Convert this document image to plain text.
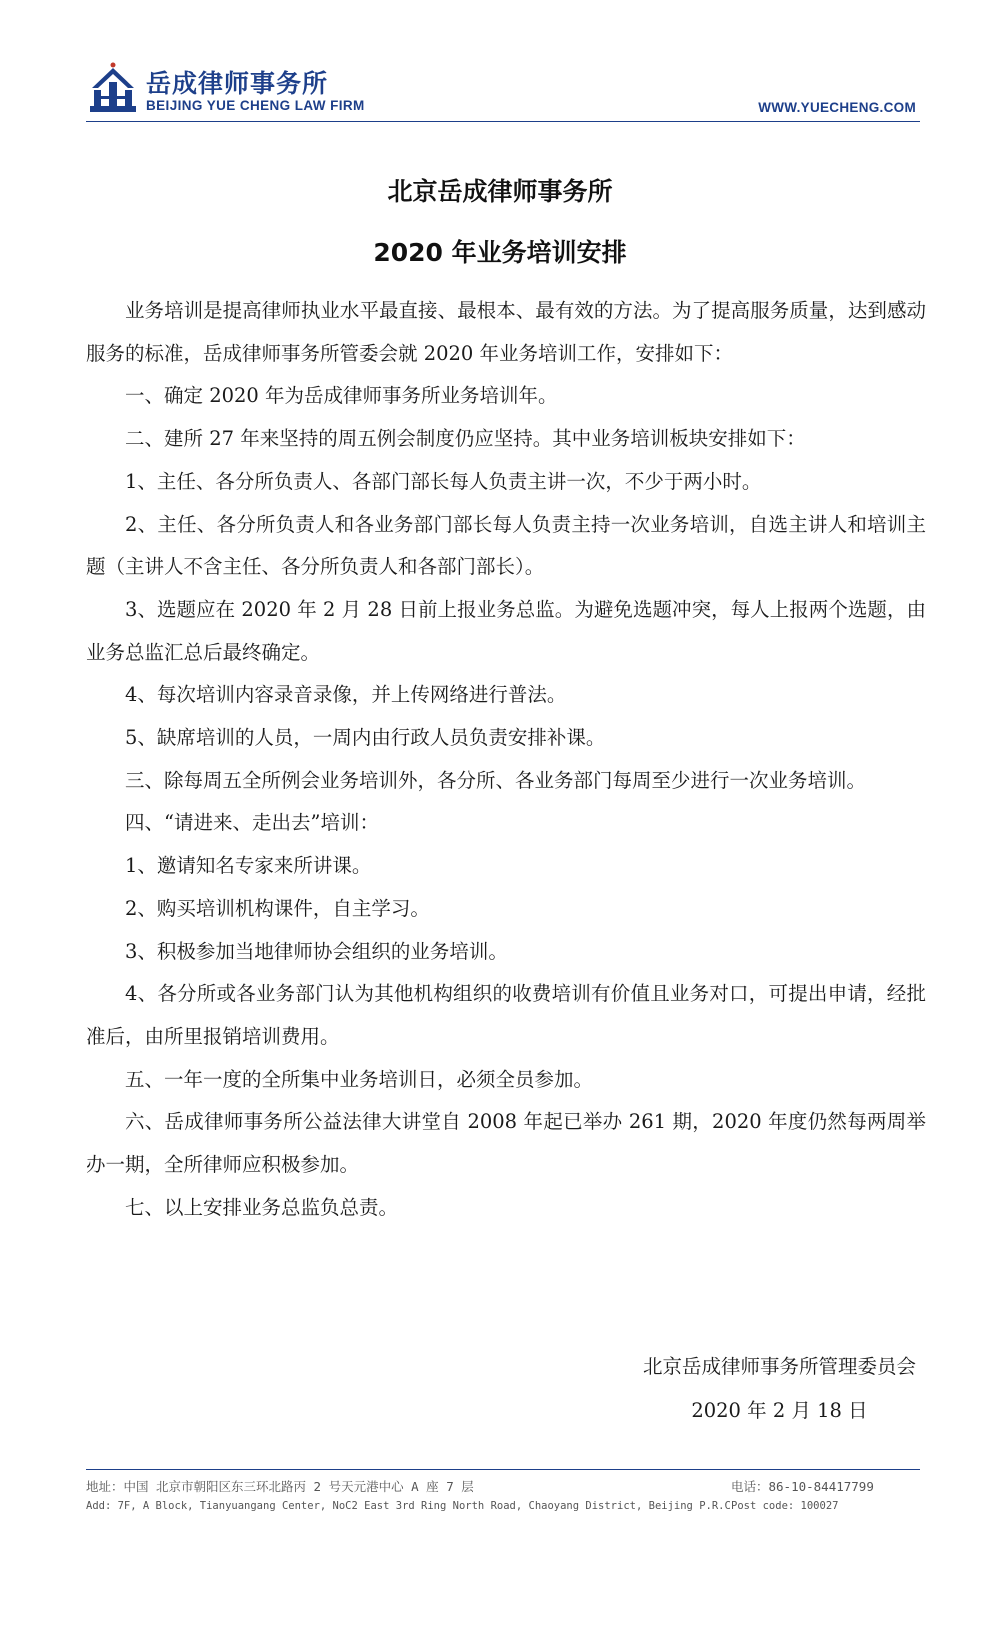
岳成律师事务所
BEIJING YUE CHENG LAW FIRM	WWW.YUECHENG.COM
北京岳成律师事务所
2020 年业务培训安排

业务培训是提高律师执业水平最直接、最根本、最有效的方法。为了提高服务质量，达到感动服务的标准，岳成律师事务所管委会就 2020 年业务培训工作，安排如下：

一、确定 2020 年为岳成律师事务所业务培训年。

二、建所 27 年来坚持的周五例会制度仍应坚持。其中业务培训板块安排如下：

1、主任、各分所负责人、各部门部长每人负责主讲一次，不少于两小时。

2、主任、各分所负责人和各业务部门部长每人负责主持一次业务培训，自选主讲人和培训主题（主讲人不含主任、各分所负责人和各部门部长）。

3、选题应在 2020 年 2 月 28 日前上报业务总监。为避免选题冲突，每人上报两个选题，由业务总监汇总后最终确定。

4、每次培训内容录音录像，并上传网络进行普法。

5、缺席培训的人员，一周内由行政人员负责安排补课。

三、除每周五全所例会业务培训外，各分所、各业务部门每周至少进行一次业务培训。

四、“请进来、走出去”培训：

1、邀请知名专家来所讲课。

2、购买培训机构课件，自主学习。

3、积极参加当地律师协会组织的业务培训。

4、各分所或各业务部门认为其他机构组织的收费培训有价值且业务对口，可提出申请，经批准后，由所里报销培训费用。

五、一年一度的全所集中业务培训日，必须全员参加。

六、岳成律师事务所公益法律大讲堂自 2008 年起已举办 261 期，2020 年度仍然每两周举办一期，全所律师应积极参加。

七、以上安排业务总监负总责。

北京岳成律师事务所管理委员会
2020 年 2 月 18 日
地址：中国 北京市朝阳区东三环北路丙 2 号天元港中心 A 座 7 层
Add: 7F, A Block, Tianyuangang Center, NoC2 East 3rd Ring North Road, Chaoyang District, Beijing P.R.C
电话：86-10-84417799
Post code: 100027
